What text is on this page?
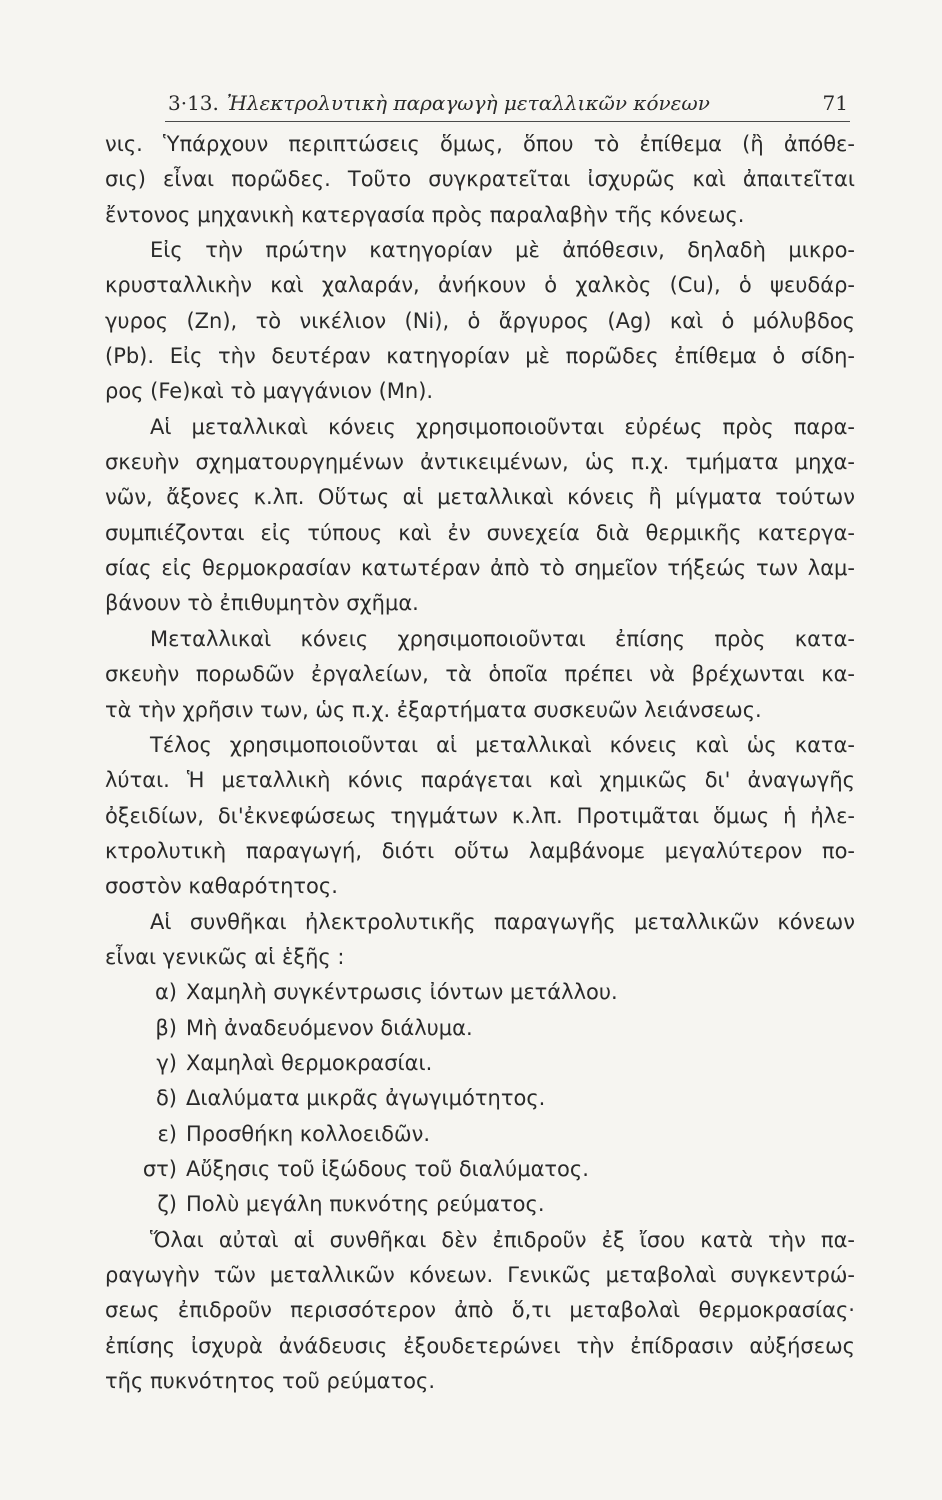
3·13. Ἠλεκτρολυτικὴ παραγωγὴ μεταλλικῶν κόνεων	71
νις. Ὑπάρχουν περιπτώσεις ὅμως, ὅπου τὸ ἐπίθεμα (ἢ ἀπόθε-
σις) εἶναι πορῶδες. Τοῦτο συγκρατεῖται ἰσχυρῶς καὶ ἀπαιτεῖται
ἔντονος μηχανικὴ κατεργασία πρὸς παραλαβὴν τῆς κόνεως.
Εἰς τὴν πρώτην κατηγορίαν μὲ ἀπόθεσιν, δηλαδὴ μικρο-
κρυσταλλικὴν καὶ χαλαράν, ἀνήκουν ὁ χαλκὸς (Cu), ὁ ψευδάρ-
γυρος (Zn), τὸ νικέλιον (Ni), ὁ ἄργυρος (Ag) καὶ ὁ μόλυβδος
(Pb). Εἰς τὴν δευτέραν κατηγορίαν μὲ πορῶδες ἐπίθεμα ὁ σίδη-
ρος (Fe)καὶ τὸ μαγγάνιον (Mn).
Αἱ μεταλλικαὶ κόνεις χρησιμοποιοῦνται εὐρέως πρὸς παρα-
σκευὴν σχηματουργημένων ἀντικειμένων, ὡς π.χ. τμήματα μηχα-
νῶν, ἄξονες κ.λπ. Οὕτως αἱ μεταλλικαὶ κόνεις ἢ μίγματα τούτων
συμπιέζονται εἰς τύπους καὶ ἐν συνεχεία διὰ θερμικῆς κατεργα-
σίας εἰς θερμοκρασίαν κατωτέραν ἀπὸ τὸ σημεῖον τήξεώς των λαμ-
βάνουν τὸ ἐπιθυμητὸν σχῆμα.
Μεταλλικαὶ κόνεις χρησιμοποιοῦνται ἐπίσης πρὸς κατα-
σκευὴν πορωδῶν ἐργαλείων, τὰ ὁποῖα πρέπει νὰ βρέχωνται κα-
τὰ τὴν χρῆσιν των, ὡς π.χ. ἐξαρτήματα συσκευῶν λειάνσεως.
Τέλος χρησιμοποιοῦνται αἱ μεταλλικαὶ κόνεις καὶ ὡς κατα-
λύται. Ἡ μεταλλικὴ κόνις παράγεται καὶ χημικῶς δι' ἀναγωγῆς
ὀξειδίων, δι'ἐκνεφώσεως τηγμάτων κ.λπ. Προτιμᾶται ὅμως ἡ ἠλε-
κτρολυτικὴ παραγωγή, διότι οὕτω λαμβάνομε μεγαλύτερον πο-
σοστὸν καθαρότητος.
Αἱ συνθῆκαι ἠλεκτρολυτικῆς παραγωγῆς μεταλλικῶν κόνεων
εἶναι γενικῶς αἱ ἑξῆς :
α) Χαμηλὴ συγκέντρωσις ἰόντων μετάλλου.
β) Μὴ ἀναδευόμενον διάλυμα.
γ) Χαμηλαὶ θερμοκρασίαι.
δ) Διαλύματα μικρᾶς ἀγωγιμότητος.
ε) Προσθήκη κολλοειδῶν.
στ) Αὔξησις τοῦ ἰξώδους τοῦ διαλύματος.
ζ) Πολὺ μεγάλη πυκνότης ρεύματος.
Ὅλαι αὐταὶ αἱ συνθῆκαι δὲν ἐπιδροῦν ἐξ ἴσου κατὰ τὴν πα-
ραγωγὴν τῶν μεταλλικῶν κόνεων. Γενικῶς μεταβολαὶ συγκεντρώ-
σεως ἐπιδροῦν περισσότερον ἀπὸ ὅ,τι μεταβολαὶ θερμοκρασίας·
ἐπίσης ἰσχυρὰ ἀνάδευσις ἐξουδετερώνει τὴν ἐπίδρασιν αὐξήσεως
τῆς πυκνότητος τοῦ ρεύματος.
